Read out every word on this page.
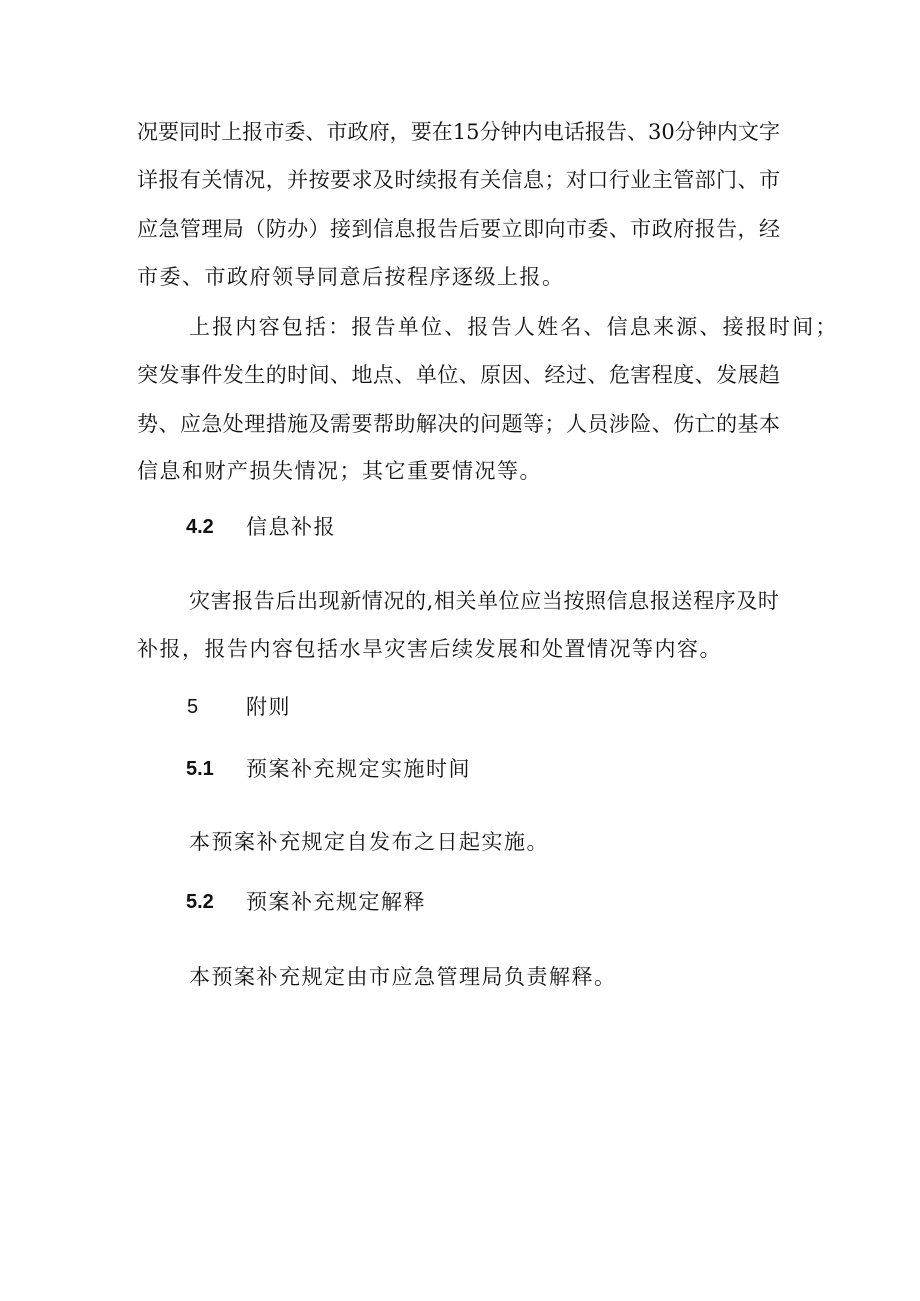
况要同时上报市委、市政府，要在15分钟内电话报告、30分钟内文字
详报有关情况，并按要求及时续报有关信息；对口行业主管部门、市
应急管理局（防办）接到信息报告后要立即向市委、市政府报告，经
市委、市政府领导同意后按程序逐级上报。
上报内容包括：报告单位、报告人姓名、信息来源、接报时间；
突发事件发生的时间、地点、单位、原因、经过、危害程度、发展趋
势、应急处理措施及需要帮助解决的问题等；人员涉险、伤亡的基本
信息和财产损失情况；其它重要情况等。
4.2 信息补报
灾害报告后出现新情况的,相关单位应当按照信息报送程序及时
补报，报告内容包括水旱灾害后续发展和处置情况等内容。
5 附则
5.1 预案补充规定实施时间
本预案补充规定自发布之日起实施。
5.2 预案补充规定解释
本预案补充规定由市应急管理局负责解释。
